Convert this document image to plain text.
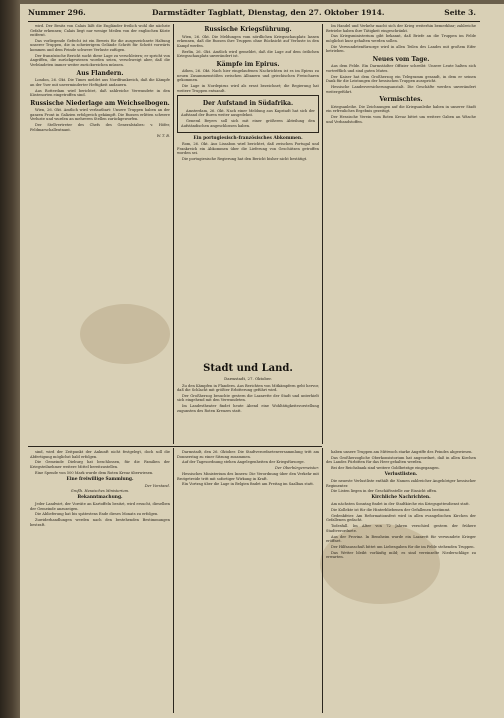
Nummer 296.	Darmstädter Tagblatt, Dienstag, den 27. Oktober 1914.	Seite 3.

wird. Der Besitz von Calais läßt die Engländer freilich wohl die nächste Gefahr erkennen; Calais liegt nur wenige Meilen von der englischen Küste entfernt.

Das vorliegende Gefecht ist ein Beweis für die ausgezeichnete Haltung unserer Truppen, die in schwierigem Gelände Schritt für Schritt vorwärts kommen und dem Feinde schwere Verluste zufügen.

Der französische Bericht sucht diese Lage zu verschleiern; er spricht von Angriffen, die zurückgewiesen worden seien, verschweigt aber, daß die Verbündeten immer weiter zurückweichen müssen.

Aus Flandern.

London, 26. Okt. Die Times meldet aus Nordfrankreich, daß die Kämpfe an der Yser mit unverminderter Heftigkeit andauern.

Aus Rotterdam wird berichtet, daß zahlreiche Verwundete in den Küstenorten eingetroffen sind.

Russische Niederlage am Weichselbogen.

Wien, 26. Okt. Amtlich wird verlautbart: Unsere Truppen haben an der ganzen Front in Galizien erfolgreich gekämpft. Die Russen erlitten schwere Verluste und wurden an mehreren Stellen zurückgeworfen.

Der Stellvertreter des Chefs des Generalstabes: v. Höfer, Feldmarschalleutnant.

W. T. B.

Russische Kriegsführung.

Wien, 26. Okt. Die Meldungen vom nördlichen Kriegsschauplatz lassen erkennen, daß die Russen ihre Truppen ohne Rücksicht auf Verluste in den Kampf werfen.

Berlin, 26. Okt. Amtlich wird gemeldet, daß die Lage auf dem östlichen Kriegsschauplatz unverändert ist.

Kämpfe im Epirus.

Athen, 26. Okt. Nach hier eingelaufenen Nachrichten ist es im Epirus zu neuen Zusammenstößen zwischen Albanern und griechischen Freischaren gekommen.

Die Lage in Nordepirus wird als ernst bezeichnet; die Regierung hat weitere Truppen entsandt.

Der Aufstand in Südafrika.

Amsterdam, 26. Okt. Nach einer Meldung aus Kapstadt hat sich der Aufstand der Buren weiter ausgedehnt.

General Beyers soll sich mit einer größeren Abteilung den Aufständischen angeschlossen haben.

Ein portugiesisch-französisches Abkommen.

Rom, 26. Okt. Aus Lissabon wird berichtet, daß zwischen Portugal und Frankreich ein Abkommen über die Lieferung von Geschützen getroffen worden sei.

Die portugiesische Regierung hat den Bericht bisher nicht bestätigt.

Im Handel und Verkehr macht sich der Krieg weiterhin bemerkbar; zahlreiche Betriebe haben ihre Tätigkeit eingeschränkt.

Das Kriegsministerium gibt bekannt, daß Briefe an die Truppen im Felde möglichst kurz gehalten werden sollen.

Die Verwundetenfürsorge wird in allen Teilen des Landes mit großem Eifer betrieben.

Neues vom Tage.

Aus dem Felde. Ein Darmstädter Offizier schreibt: Unsere Leute halten sich vortrefflich und sind guten Mutes.

Der Kaiser hat dem Großherzog ein Telegramm gesandt, in dem er seinen Dank für die Leistungen der hessischen Truppen ausspricht.

Hessische Landesversicherungsanstalt. Die Geschäfte werden unverändert weitergeführt.

Vermischtes.

Kriegsanleihe. Die Zeichnungen auf die Kriegsanleihe haben in unserer Stadt ein erfreuliches Ergebnis gezeitigt.

Der Hessische Verein vom Roten Kreuz bittet um weitere Gaben an Wäsche und Verbandstoffen.

sind, wird der Zeitpunkt der Ankunft nicht festgelegt, doch soll die Abfertigung möglichst bald erfolgen.

Die Gemeinde Dieburg hat beschlossen, für die Familien der Kriegsteilnehmer weitere Mittel bereitzustellen.

Eine Spende von 500 Mark wurde dem Roten Kreuz überwiesen.

Eine freiwillige Sammlung.

Der Vorstand.

Großh. Hessisches Ministerium.

Bekanntmachung.

Jeder Landwirt, der Vorräte an Kartoffeln besitzt, wird ersucht, dieselben der Gemeinde anzuzeigen.

Die Ablieferung hat bis spätestens Ende dieses Monats zu erfolgen.

Zuwiderhandlungen werden nach den bestehenden Bestimmungen bestraft.

Darmstadt, den 26. Oktober. Die Stadtverordnetenversammlung tritt am Donnerstag zu einer Sitzung zusammen.

Auf der Tagesordnung stehen Angelegenheiten der Kriegsfürsorge.

Der Oberbürgermeister.

Hessisches Ministerium des Innern: Die Verordnung über den Verkehr mit Brotgetreide tritt mit sofortiger Wirkung in Kraft.

Ein Vortrag über die Lage in Belgien findet am Freitag im Saalbau statt.

Stadt und Land.

Darmstadt, 27. Oktober.

Zu den Kämpfen in Flandern. Aus Berichten von Mitkämpfern geht hervor, daß die Schlacht mit größter Erbitterung geführt wird.

Der Großherzog besuchte gestern die Lazarette der Stadt und unterhielt sich eingehend mit den Verwundeten.

Im Landestheater findet heute Abend eine Wohltätigkeitsvorstellung zugunsten des Roten Kreuzes statt.

haben unsere Truppen am Mittwoch starke Angriffe des Feindes abgewiesen.

Das Großherzogliche Oberkonsistorium hat angeordnet, daß in allen Kirchen des Landes Fürbitten für das Heer gehalten werden.

Bei der Reichsbank sind weitere Goldbeträge eingegangen.

Verlustlisten.

Die neueste Verlustliste enthält die Namen zahlreicher Angehöriger hessischer Regimenter.

Die Listen liegen in der Geschäftsstelle zur Einsicht offen.

Kirchliche Nachrichten.

Am nächsten Sonntag findet in der Stadtkirche ein Kriegsgottesdienst statt.

Die Kollekte ist für die Hinterbliebenen der Gefallenen bestimmt.

Gedenkfeier. Am Reformationsfest wird in allen evangelischen Kirchen der Gefallenen gedacht.

Todesfall. Im Alter von 72 Jahren verschied gestern der frühere Stadtverordnete.

Aus der Provinz. In Bensheim wurde ein Lazarett für verwundete Krieger eröffnet.

Der Hilfsausschuß bittet um Liebesgaben für die im Felde stehenden Truppen.

Das Wetter bleibt vorläufig mild; es sind vereinzelte Niederschläge zu erwarten.
